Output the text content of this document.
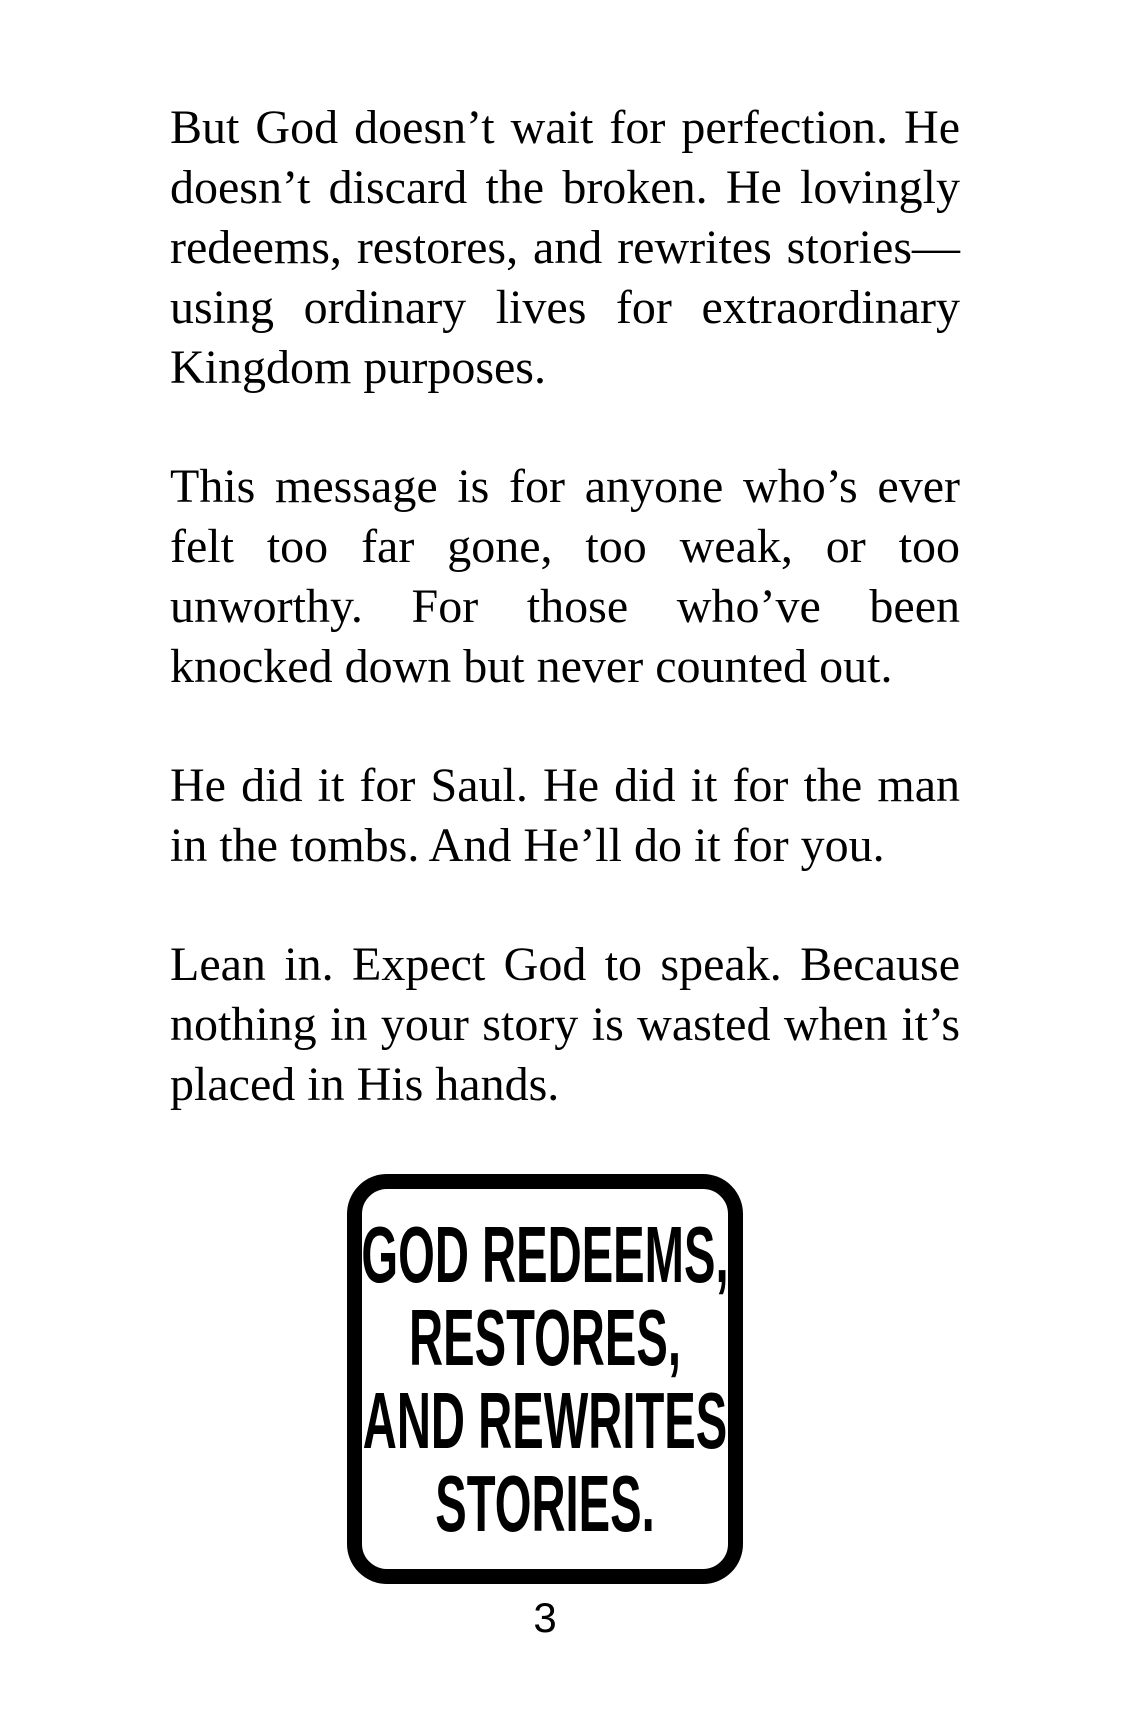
But God doesn’t wait for perfection. He
doesn’t discard the broken. He lovingly
redeems, restores, and rewrites stories—
using ordinary lives for extraordinary
Kingdom purposes.
This message is for anyone who’s ever
felt too far gone, too weak, or too
unworthy. For those who’ve been
knocked down but never counted out.
He did it for Saul. He did it for the man
in the tombs. And He’ll do it for you.
Lean in. Expect God to speak. Because
nothing in your story is wasted when it’s
placed in His hands.
GOD REDEEMS,
RESTORES,
AND REWRITES
STORIES.
3
